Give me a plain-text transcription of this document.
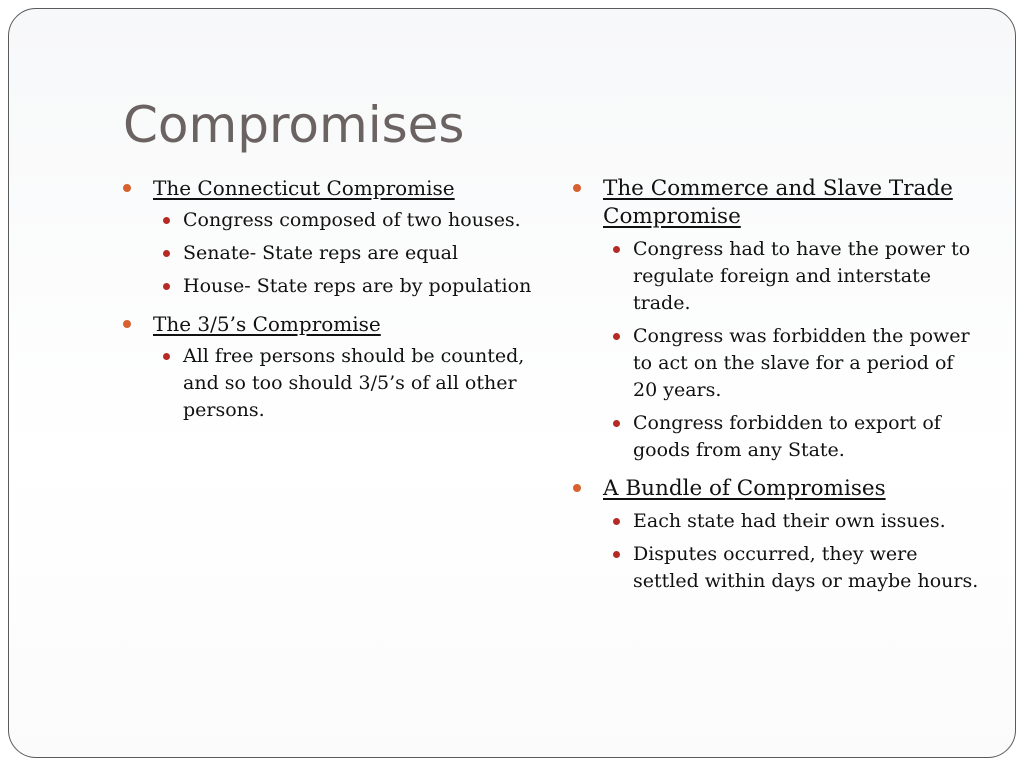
Compromises
The Connecticut Compromise
Congress composed of two houses.
Senate- State reps are equal
House- State reps are by population
The 3/5’s Compromise
All free persons should be counted, and so too should 3/5’s of all other persons.
The Commerce and Slave Trade Compromise
Congress had to have the power to regulate foreign and interstate trade.
Congress was forbidden the power to act on the slave for a period of 20 years.
Congress forbidden to export of goods from any State.
A Bundle of Compromises
Each state had their own issues.
Disputes occurred, they were settled within days or maybe hours.
